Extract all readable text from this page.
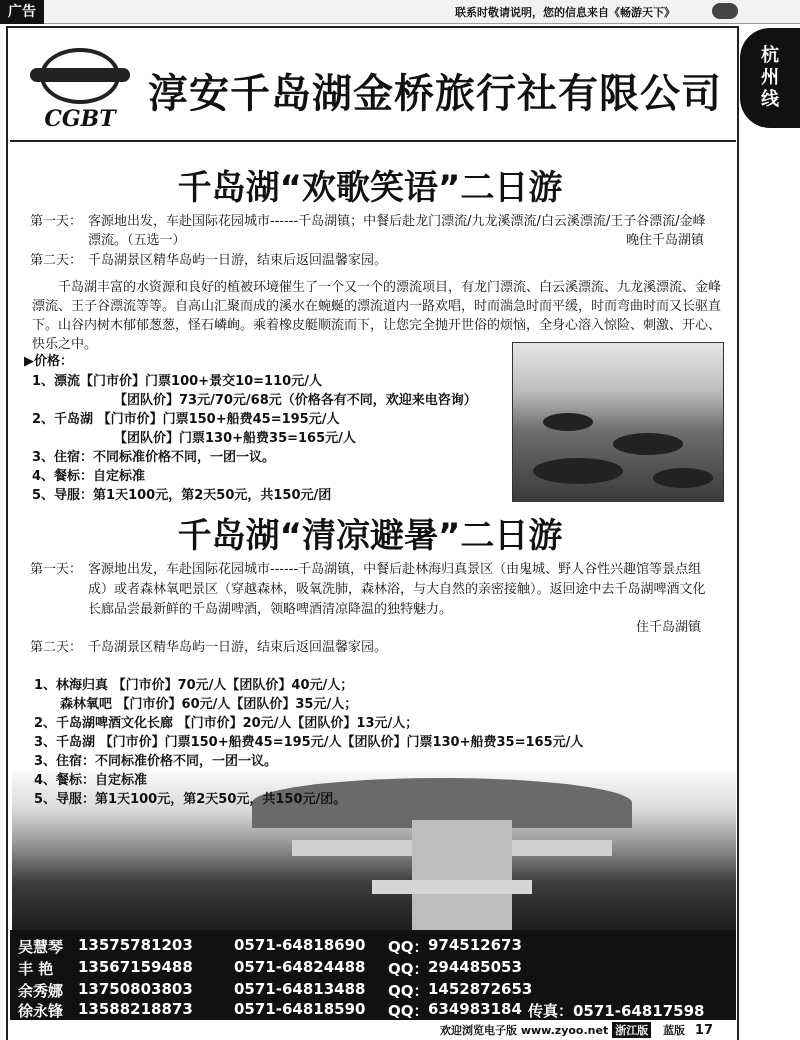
广告	联系时敬请说明，您的信息来自《畅游天下》
杭
州
线
CGBT
淳安千岛湖金桥旅行社有限公司
千岛湖“欢歌笑语”二日游
第一天： 客源地出发，车赴国际花园城市------千岛湖镇；中餐后赴龙门漂流/九龙溪漂流/白云溪漂流/王子谷漂流/金峰漂流。（五选一）	晚住千岛湖镇
第二天： 千岛湖景区精华岛屿一日游，结束后返回温馨家园。
千岛湖丰富的水资源和良好的植被环境催生了一个又一个的漂流项目，有龙门漂流、白云溪漂流、九龙溪漂流、金峰漂流、王子谷漂流等等。自高山汇聚而成的溪水在蜿蜒的漂流道内一路欢唱，时而湍急时而平缓，时而弯曲时而又长驱直下。山谷内树木郁郁葱葱，怪石嶙峋。乘着橡皮艇顺流而下，让您完全抛开世俗的烦恼，全身心溶入惊险、刺激、开心、快乐之中。
▶价格：
1、漂流【门市价】门票100+景交10=110元/人
【团队价】73元/70元/68元（价格各有不同，欢迎来电咨询）
2、千岛湖 【门市价】门票150+船费45=195元/人
【团队价】门票130+船费35=165元/人
3、住宿：不同标准价格不同，一团一议。
4、餐标：自定标准
5、导服：第1天100元，第2天50元，共150元/团
千岛湖“清凉避暑”二日游
第一天： 客源地出发，车赴国际花园城市------千岛湖镇，中餐后赴林海归真景区（由鬼城、野人谷性兴趣馆等景点组成）或者森林氧吧景区（穿越森林，吸氧洗肺，森林浴，与大自然的亲密接触）。返回途中去千岛湖啤酒文化长廊品尝最新鲜的千岛湖啤酒，领略啤酒清凉降温的独特魅力。
住千岛湖镇
第二天： 千岛湖景区精华岛屿一日游，结束后返回温馨家园。
1、林海归真 【门市价】70元/人【团队价】40元/人；
森林氧吧 【门市价】60元/人【团队价】35元/人；
2、千岛湖啤酒文化长廊 【门市价】20元/人【团队价】13元/人；
3、千岛湖 【门市价】门票150+船费45=195元/人【团队价】门票130+船费35=165元/人
3、住宿：不同标准价格不同，一团一议。
4、餐标：自定标准
5、导服：第1天100元，第2天50元，共150元/团。
吴慧琴 13575781203	0571-64818690 QQ： 974512673
丰 艳 13567159488	0571-64824488 QQ： 294485053
余秀娜 13750803803	0571-64813488 QQ： 1452872653
徐永锋 13588218873	0571-64818590 QQ： 634983184 传真：0571-64817598
欢迎浏览电子版 www.zyoo.net 浙江版 蓝版 17
